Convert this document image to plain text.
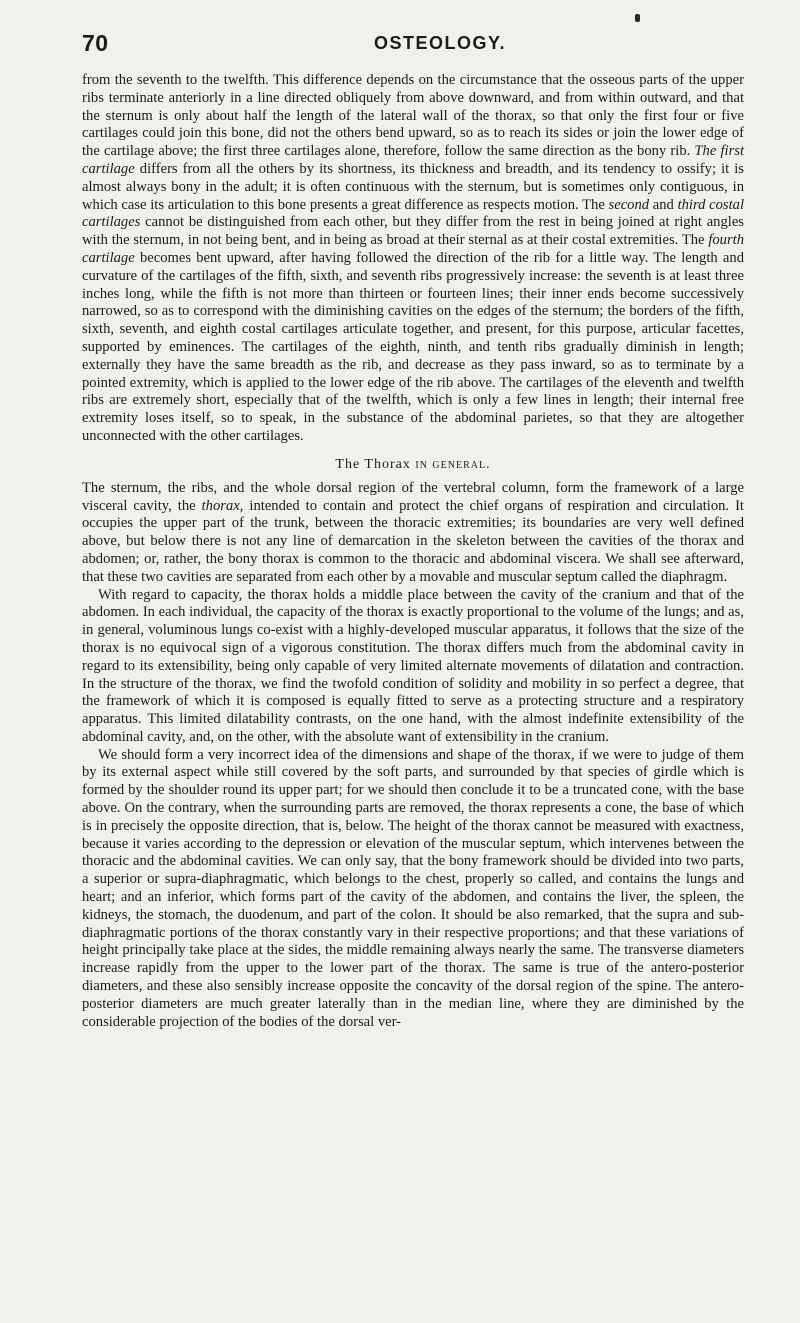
70	OSTEOLOGY.

from the seventh to the twelfth. This difference depends on the circumstance that the osseous parts of the upper ribs terminate anteriorly in a line directed obliquely from above downward, and from within outward, and that the sternum is only about half the length of the lateral wall of the thorax, so that only the first four or five cartilages could join this bone, did not the others bend upward, so as to reach its sides or join the lower edge of the cartilage above; the first three cartilages alone, therefore, follow the same direction as the bony rib. The first cartilage differs from all the others by its shortness, its thickness and breadth, and its tendency to ossify; it is almost always bony in the adult; it is often continuous with the sternum, but is sometimes only contiguous, in which case its articulation to this bone presents a great difference as respects motion. The second and third costal cartilages cannot be distinguished from each other, but they differ from the rest in being joined at right angles with the sternum, in not being bent, and in being as broad at their sternal as at their costal extremities. The fourth cartilage becomes bent upward, after having followed the direction of the rib for a little way. The length and curvature of the cartilages of the fifth, sixth, and seventh ribs progressively increase: the seventh is at least three inches long, while the fifth is not more than thirteen or fourteen lines; their inner ends become successively narrowed, so as to correspond with the diminishing cavities on the edges of the sternum; the borders of the fifth, sixth, seventh, and eighth costal cartilages articulate together, and present, for this purpose, articular facettes, supported by eminences. The cartilages of the eighth, ninth, and tenth ribs gradually diminish in length; externally they have the same breadth as the rib, and decrease as they pass inward, so as to terminate by a pointed extremity, which is applied to the lower edge of the rib above. The cartilages of the eleventh and twelfth ribs are extremely short, especially that of the twelfth, which is only a few lines in length; their internal free extremity loses itself, so to speak, in the substance of the abdominal parietes, so that they are altogether unconnected with the other cartilages.

The Thorax in general.

The sternum, the ribs, and the whole dorsal region of the vertebral column, form the framework of a large visceral cavity, the thorax, intended to contain and protect the chief organs of respiration and circulation. It occupies the upper part of the trunk, between the thoracic extremities; its boundaries are very well defined above, but below there is not any line of demarcation in the skeleton between the cavities of the thorax and abdomen; or, rather, the bony thorax is common to the thoracic and abdominal viscera. We shall see afterward, that these two cavities are separated from each other by a movable and muscular septum called the diaphragm.

With regard to capacity, the thorax holds a middle place between the cavity of the cranium and that of the abdomen. In each individual, the capacity of the thorax is exactly proportional to the volume of the lungs; and as, in general, voluminous lungs co-exist with a highly-developed muscular apparatus, it follows that the size of the thorax is no equivocal sign of a vigorous constitution. The thorax differs much from the abdominal cavity in regard to its extensibility, being only capable of very limited alternate movements of dilatation and contraction. In the structure of the thorax, we find the twofold condition of solidity and mobility in so perfect a degree, that the framework of which it is composed is equally fitted to serve as a protecting structure and a respiratory apparatus. This limited dilatability contrasts, on the one hand, with the almost indefinite extensibility of the abdominal cavity, and, on the other, with the absolute want of extensibility in the cranium.

We should form a very incorrect idea of the dimensions and shape of the thorax, if we were to judge of them by its external aspect while still covered by the soft parts, and surrounded by that species of girdle which is formed by the shoulder round its upper part; for we should then conclude it to be a truncated cone, with the base above. On the contrary, when the surrounding parts are removed, the thorax represents a cone, the base of which is in precisely the opposite direction, that is, below. The height of the thorax cannot be measured with exactness, because it varies according to the depression or elevation of the muscular septum, which intervenes between the thoracic and the abdominal cavities. We can only say, that the bony framework should be divided into two parts, a superior or supra-diaphragmatic, which belongs to the chest, properly so called, and contains the lungs and heart; and an inferior, which forms part of the cavity of the abdomen, and contains the liver, the spleen, the kidneys, the stomach, the duodenum, and part of the colon. It should be also remarked, that the supra and sub-diaphragmatic portions of the thorax constantly vary in their respective proportions; and that these variations of height principally take place at the sides, the middle remaining always nearly the same. The transverse diameters increase rapidly from the upper to the lower part of the thorax. The same is true of the antero-posterior diameters, and these also sensibly increase opposite the concavity of the dorsal region of the spine. The antero-posterior diameters are much greater laterally than in the median line, where they are diminished by the considerable projection of the bodies of the dorsal ver-
